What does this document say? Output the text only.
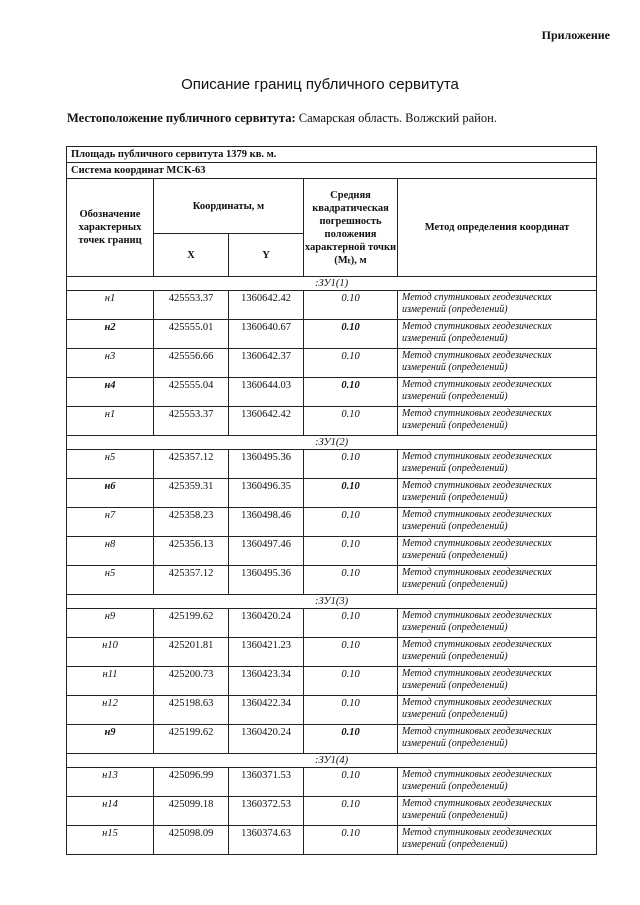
Приложение
Описание границ публичного сервитута
Местоположение публичного сервитута: Самарская область. Волжский район.
Площадь публичного сервитута 1379 кв. м.				
Система координат МСК-63				
Обозначение характерных точек границ	Координаты, м		Средняя квадратическая погрешность положения характерной точки (Mₜ), м	Метод определения координат
	X	Y		
:ЗУ1(1)				
н1	425553.37	1360642.42	0.10	Метод спутниковых геодезических измерений (определений)
н2	425555.01	1360640.67	0.10	Метод спутниковых геодезических измерений (определений)
н3	425556.66	1360642.37	0.10	Метод спутниковых геодезических измерений (определений)
н4	425555.04	1360644.03	0.10	Метод спутниковых геодезических измерений (определений)
н1	425553.37	1360642.42	0.10	Метод спутниковых геодезических измерений (определений)
:ЗУ1(2)				
н5	425357.12	1360495.36	0.10	Метод спутниковых геодезических измерений (определений)
н6	425359.31	1360496.35	0.10	Метод спутниковых геодезических измерений (определений)
н7	425358.23	1360498.46	0.10	Метод спутниковых геодезических измерений (определений)
н8	425356.13	1360497.46	0.10	Метод спутниковых геодезических измерений (определений)
н5	425357.12	1360495.36	0.10	Метод спутниковых геодезических измерений (определений)
:ЗУ1(3)				
н9	425199.62	1360420.24	0.10	Метод спутниковых геодезических измерений (определений)
н10	425201.81	1360421.23	0.10	Метод спутниковых геодезических измерений (определений)
н11	425200.73	1360423.34	0.10	Метод спутниковых геодезических измерений (определений)
н12	425198.63	1360422.34	0.10	Метод спутниковых геодезических измерений (определений)
н9	425199.62	1360420.24	0.10	Метод спутниковых геодезических измерений (определений)
:ЗУ1(4)				
н13	425096.99	1360371.53	0.10	Метод спутниковых геодезических измерений (определений)
н14	425099.18	1360372.53	0.10	Метод спутниковых геодезических измерений (определений)
н15	425098.09	1360374.63	0.10	Метод спутниковых геодезических измерений (определений)
